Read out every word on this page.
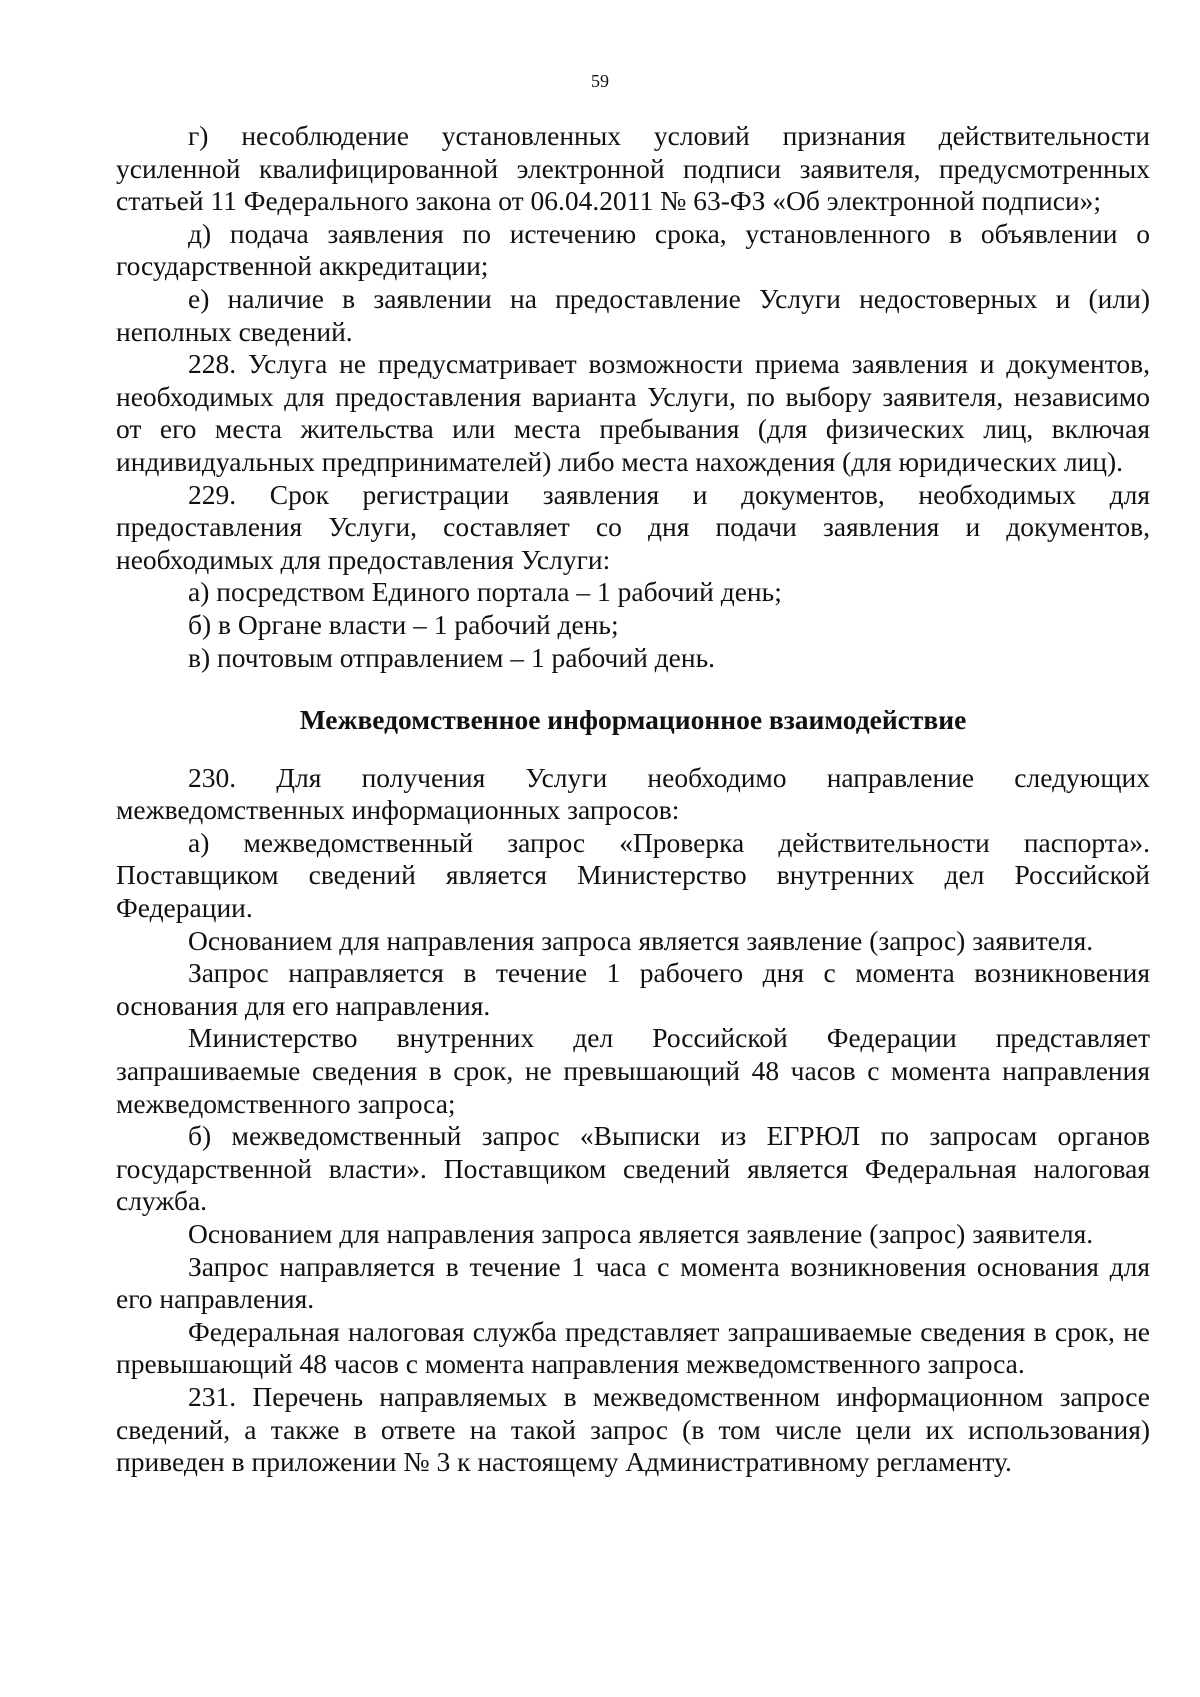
59

г) несоблюдение установленных условий признания действительности усиленной квалифицированной электронной подписи заявителя, предусмотренных статьей 11 Федерального закона от 06.04.2011 № 63-ФЗ «Об электронной подписи»;

д) подача заявления по истечению срока, установленного в объявлении о государственной аккредитации;

е) наличие в заявлении на предоставление Услуги недостоверных и (или) неполных сведений.

228. Услуга не предусматривает возможности приема заявления и документов, необходимых для предоставления варианта Услуги, по выбору заявителя, независимо от его места жительства или места пребывания (для физических лиц, включая индивидуальных предпринимателей) либо места нахождения (для юридических лиц).

229. Срок регистрации заявления и документов, необходимых для предоставления Услуги, составляет со дня подачи заявления и документов, необходимых для предоставления Услуги:

а) посредством Единого портала – 1 рабочий день;

б) в Органе власти – 1 рабочий день;

в) почтовым отправлением – 1 рабочий день.

Межведомственное информационное взаимодействие

230. Для получения Услуги необходимо направление следующих межведомственных информационных запросов:

а) межведомственный запрос «Проверка действительности паспорта». Поставщиком сведений является Министерство внутренних дел Российской Федерации.

Основанием для направления запроса является заявление (запрос) заявителя.

Запрос направляется в течение 1 рабочего дня с момента возникновения основания для его направления.

Министерство внутренних дел Российской Федерации представляет запрашиваемые сведения в срок, не превышающий 48 часов с момента направления межведомственного запроса;

б) межведомственный запрос «Выписки из ЕГРЮЛ по запросам органов государственной власти». Поставщиком сведений является Федеральная налоговая служба.

Основанием для направления запроса является заявление (запрос) заявителя.

Запрос направляется в течение 1 часа с момента возникновения основания для его направления.

Федеральная налоговая служба представляет запрашиваемые сведения в срок, не превышающий 48 часов с момента направления межведомственного запроса.

231. Перечень направляемых в межведомственном информационном запросе сведений, а также в ответе на такой запрос (в том числе цели их использования) приведен в приложении № 3 к настоящему Административному регламенту.
